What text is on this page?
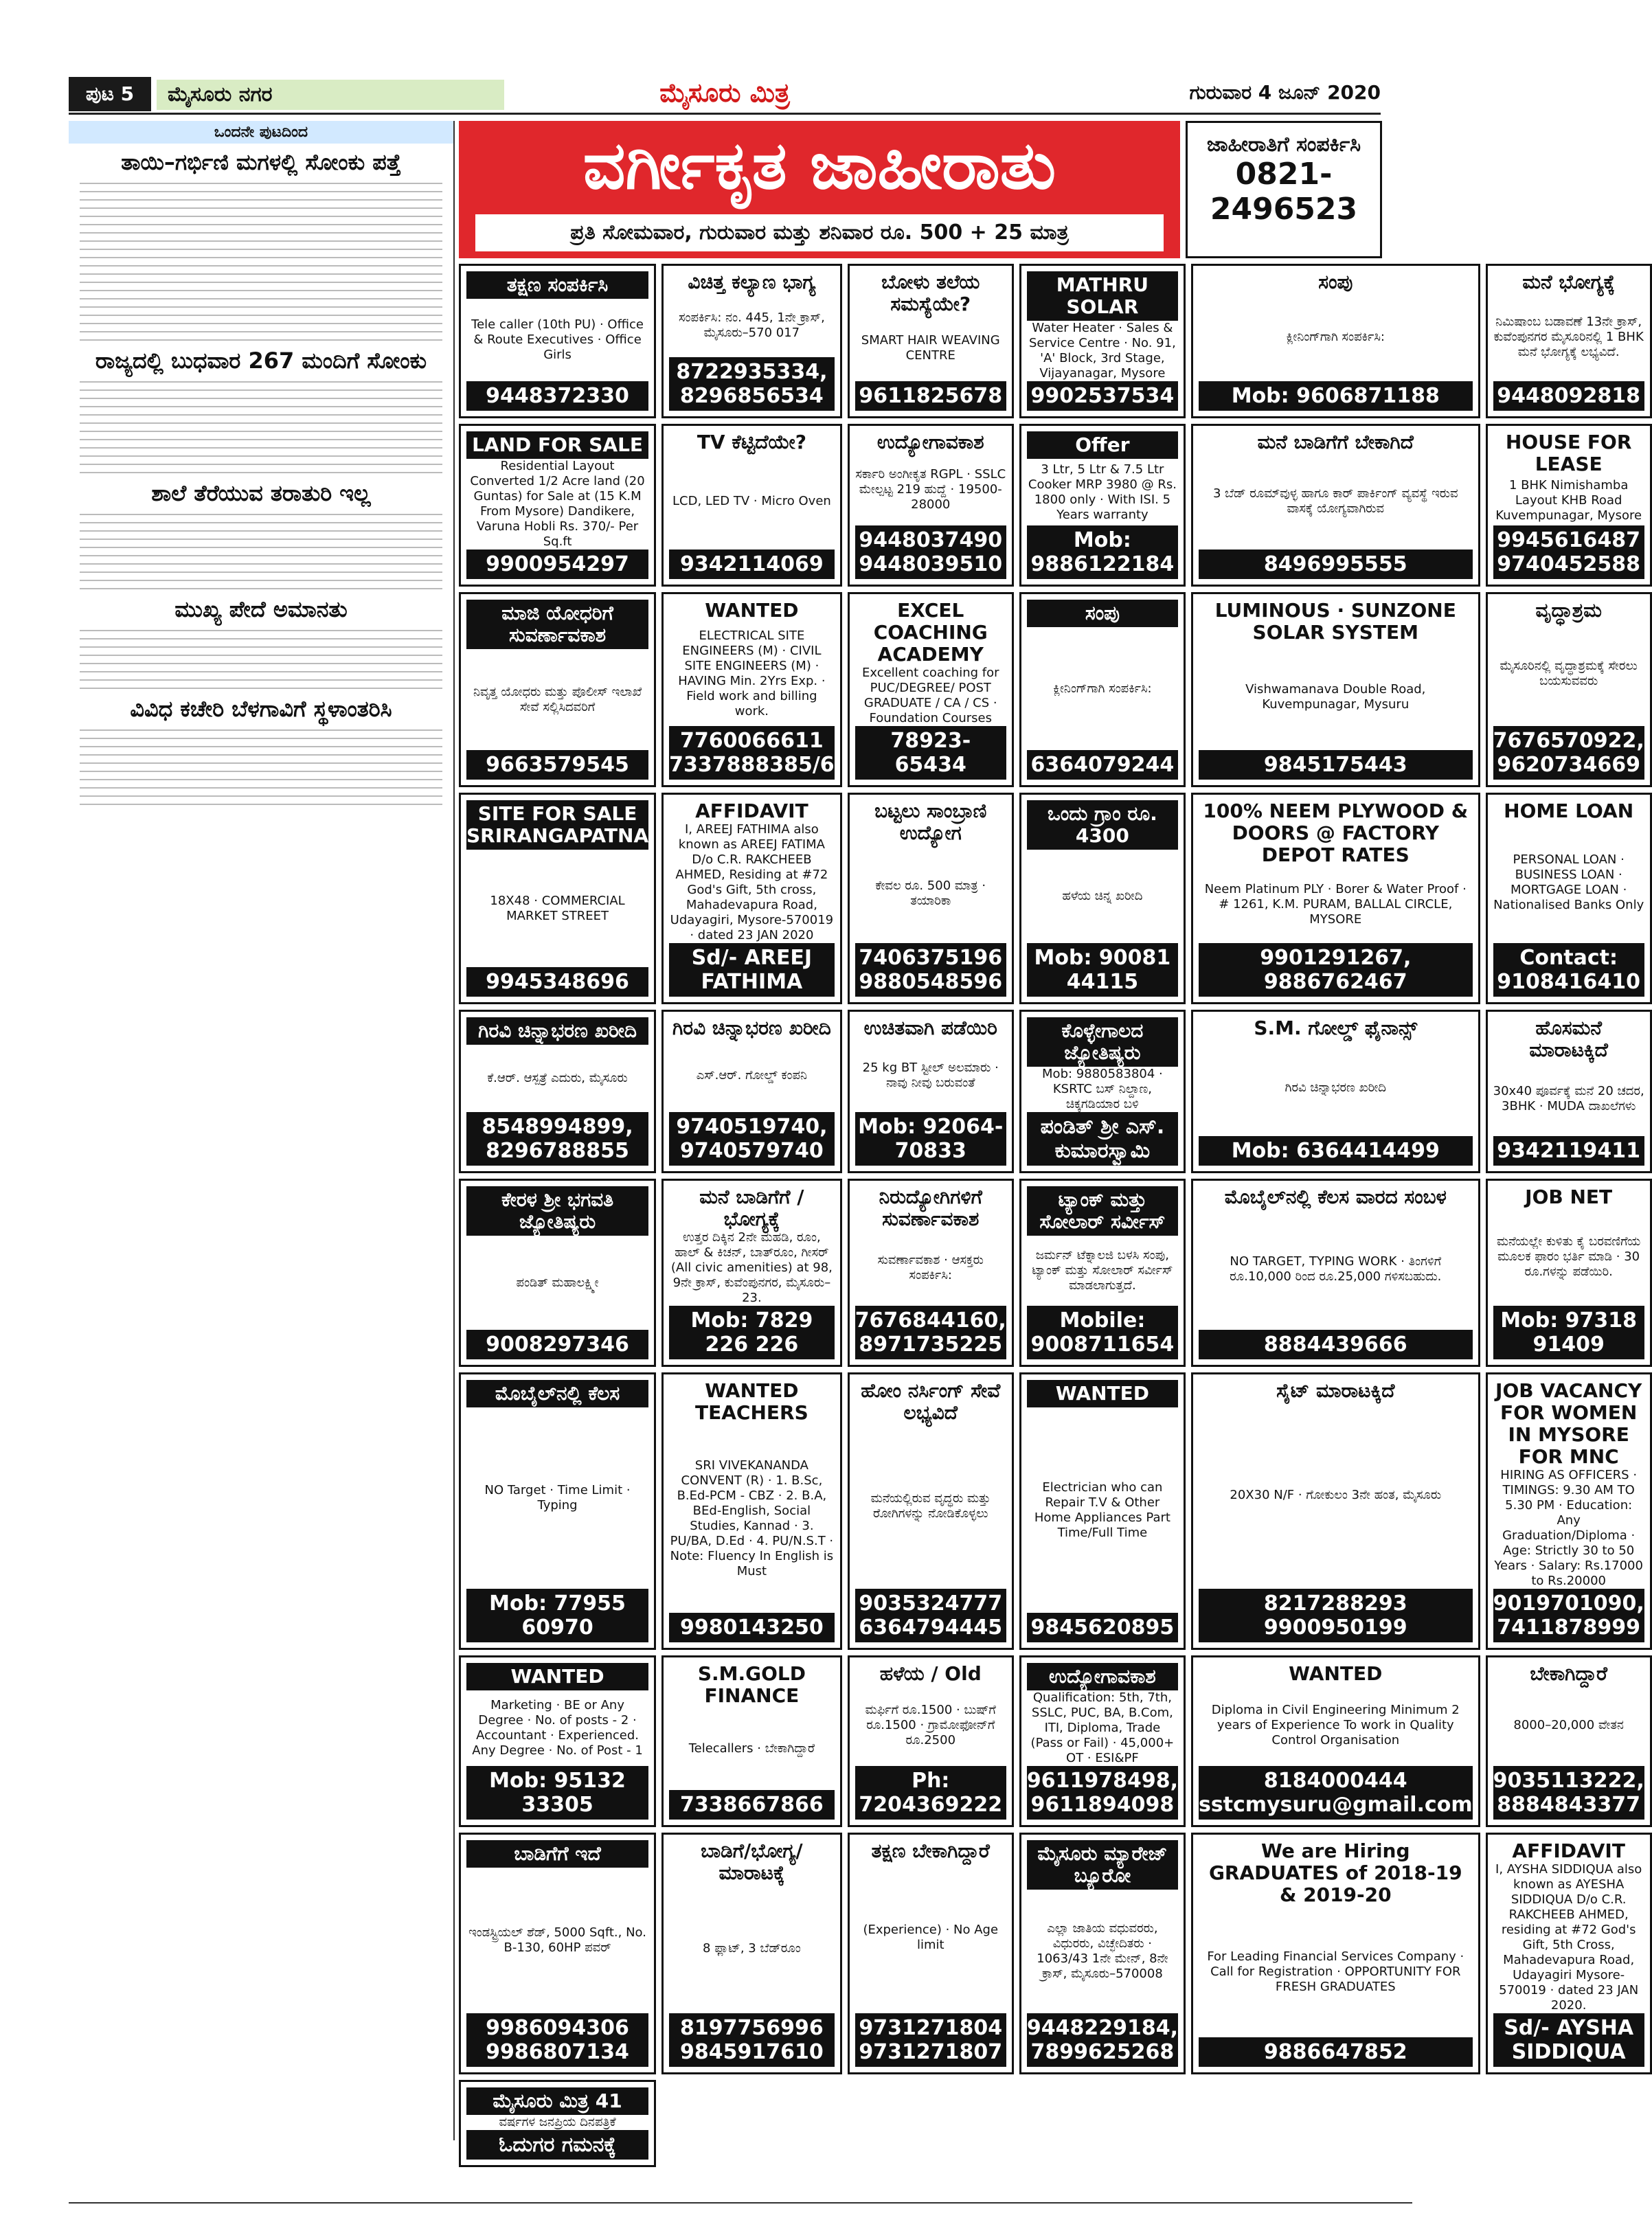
ಪುಟ 5	ಮೈಸೂರು ನಗರ	ಮೈಸೂರು ಮಿತ್ರ	ಗುರುವಾರ 4 ಜೂನ್ 2020
ಒಂದನೇ ಪುಟದಿಂದ
ತಾಯಿ–ಗರ್ಭಿಣಿ ಮಗಳಲ್ಲಿ ಸೋಂಕು ಪತ್ತೆ
ರಾಜ್ಯದಲ್ಲಿ ಬುಧವಾರ 267 ಮಂದಿಗೆ ಸೋಂಕು
ಶಾಲೆ ತೆರೆಯುವ ತರಾತುರಿ ಇಲ್ಲ
ಮುಖ್ಯ ಪೇದೆ ಅಮಾನತು
ವಿವಿಧ ಕಚೇರಿ ಬೆಳಗಾವಿಗೆ ಸ್ಥಳಾಂತರಿಸಿ
ವರ್ಗೀಕೃತ ಜಾಹೀರಾತು
ಪ್ರತಿ ಸೋಮವಾರ, ಗುರುವಾರ ಮತ್ತು ಶನಿವಾರ ರೂ. 500 + 25 ಮಾತ್ರ
ಜಾಹೀರಾತಿಗೆ ಸಂಪರ್ಕಿಸಿ
0821-2496523
ತಕ್ಷಣ ಸಂಪರ್ಕಿಸಿ
Tele caller (10th PU) · Office & Route Executives · Office Girls
9448372330
ವಿಚಿತ್ತ ಕಲ್ಯಾಣ ಭಾಗ್ಯ
ಸಂಪರ್ಕಿಸಿ: ನಂ. 445, 1ನೇ ಕ್ರಾಸ್, ಮೈಸೂರು–570 017
8722935334, 8296856534
ಬೋಳು ತಲೆಯ ಸಮಸ್ಯೆಯೇ?
SMART HAIR WEAVING CENTRE
9611825678
MATHRU SOLAR
Water Heater · Sales & Service Centre · No. 91, 'A' Block, 3rd Stage, Vijayanagar, Mysore
9902537534
ಸಂಪು
ಕ್ಲೀನಿಂಗ್‌ಗಾಗಿ ಸಂಪರ್ಕಿಸಿ:
Mob: 9606871188
ಮನೆ ಭೋಗ್ಯಕ್ಕೆ
ನಿಮಿಷಾಂಬ ಬಡಾವಣೆ 13ನೇ ಕ್ರಾಸ್, ಕುವೆಂಪುನಗರ ಮೈಸೂರಿನಲ್ಲಿ 1 BHK ಮನೆ ಭೋಗ್ಯಕ್ಕೆ ಲಭ್ಯವಿದೆ.
9448092818
LAND FOR SALE
Residential Layout Converted 1/2 Acre land (20 Guntas) for Sale at (15 K.M From Mysore) Dandikere, Varuna Hobli Rs. 370/- Per Sq.ft
9900954297
TV ಕೆಟ್ಟಿದೆಯೇ?
LCD, LED TV · Micro Oven
9342114069
ಉದ್ಯೋಗಾವಕಾಶ
ಸರ್ಕಾರಿ ಅಂಗೀಕೃತ RGPL · SSLC ಮೇಲ್ಪಟ್ಟ 219 ಹುದ್ದೆ · 19500-28000
9448037490 9448039510
Offer
3 Ltr, 5 Ltr & 7.5 Ltr Cooker MRP 3980 @ Rs. 1800 only · With ISI. 5 Years warranty
Mob: 9886122184
ಮನೆ ಬಾಡಿಗೆಗೆ ಬೇಕಾಗಿದೆ
3 ಬೆಡ್ ರೂಮ್‌ವುಳ್ಳ ಹಾಗೂ ಕಾರ್ ಪಾರ್ಕಿಂಗ್ ವ್ಯವಸ್ಥೆ ಇರುವ ವಾಸಕ್ಕೆ ಯೋಗ್ಯವಾಗಿರುವ
8496995555
HOUSE FOR LEASE
1 BHK Nimishamba Layout KHB Road Kuvempunagar, Mysore
9945616487 9740452588
ಮಾಜಿ ಯೋಧರಿಗೆ ಸುವರ್ಣಾವಕಾಶ
ನಿವೃತ್ತ ಯೋಧರು ಮತ್ತು ಪೊಲೀಸ್ ಇಲಾಖೆ ಸೇವೆ ಸಲ್ಲಿಸಿದವರಿಗೆ
9663579545
WANTED
ELECTRICAL SITE ENGINEERS (M) · CIVIL SITE ENGINEERS (M) · HAVING Min. 2Yrs Exp. · Field work and billing work.
7760066611 7337888385/6
EXCEL COACHING ACADEMY
Excellent coaching for PUC/DEGREE/ POST GRADUATE / CA / CS · Foundation Courses
78923-65434
ಸಂಪು
ಕ್ಲೀನಿಂಗ್‌ಗಾಗಿ ಸಂಪರ್ಕಿಸಿ:
6364079244
LUMINOUS · SUNZONE SOLAR SYSTEM
Vishwamanava Double Road, Kuvempunagar, Mysuru
9845175443
ವೃದ್ಧಾಶ್ರಮ
ಮೈಸೂರಿನಲ್ಲಿ ವೃದ್ಧಾಶ್ರಮಕ್ಕೆ ಸೇರಲು ಬಯಸುವವರು
7676570922, 9620734669
SITE FOR SALE SRIRANGAPATNA
18X48 · COMMERCIAL MARKET STREET
9945348696
AFFIDAVIT
I, AREEJ FATHIMA also known as AREEJ FATIMA D/o C.R. RAKCHEEB AHMED, Residing at #72 God's Gift, 5th cross, Mahadevapura Road, Udayagiri, Mysore-570019 · dated 23 JAN 2020
Sd/- AREEJ FATHIMA
ಬಟ್ಟಲು ಸಾಂಬ್ರಾಣಿ ಉದ್ಯೋಗ
ಕೇವಲ ರೂ. 500 ಮಾತ್ರ · ತಯಾರಿಕಾ
7406375196 9880548596
ಒಂದು ಗ್ರಾಂ ರೂ. 4300
ಹಳೆಯ ಚಿನ್ನ ಖರೀದಿ
Mob: 90081 44115
100% NEEM PLYWOOD & DOORS @ FACTORY DEPOT RATES
Neem Platinum PLY · Borer & Water Proof · # 1261, K.M. PURAM, BALLAL CIRCLE, MYSORE
9901291267, 9886762467
HOME LOAN
PERSONAL LOAN · BUSINESS LOAN · MORTGAGE LOAN · Nationalised Banks Only
Contact: 9108416410
ಗಿರವಿ ಚಿನ್ನಾಭರಣ ಖರೀದಿ
ಕೆ.ಆರ್. ಆಸ್ಪತ್ರೆ ಎದುರು, ಮೈಸೂರು
8548994899, 8296788855
ಗಿರವಿ ಚಿನ್ನಾಭರಣ ಖರೀದಿ
ಎಸ್.ಆರ್. ಗೋಲ್ಡ್ ಕಂಪನಿ
9740519740, 9740579740
ಉಚಿತವಾಗಿ ಪಡೆಯಿರಿ
25 kg BT ಸ್ಟೀಲ್ ಅಲಮಾರು · ನಾವು ನೀವು ಬರುವಂತೆ
Mob: 92064-70833
ಕೊಳ್ಳೇಗಾಲದ ಜ್ಯೋತಿಷ್ಯರು
Mob: 9880583804 · KSRTC ಬಸ್ ನಿಲ್ದಾಣ, ಚಿಕ್ಕಗಡಿಯಾರ ಬಳಿ
ಪಂಡಿತ್ ಶ್ರೀ ಎಸ್. ಕುಮಾರಸ್ವಾಮಿ
S.M. ಗೋಲ್ಡ್ ಫೈನಾನ್ಸ್
ಗಿರವಿ ಚಿನ್ನಾಭರಣ ಖರೀದಿ
Mob: 6364414499
ಹೊಸಮನೆ ಮಾರಾಟಕ್ಕಿದೆ
30x40 ಪೂರ್ವಕ್ಕೆ ಮನೆ 20 ಚದರ, 3BHK · MUDA ದಾಖಲೆಗಳು
9342119411
ಕೇರಳ ಶ್ರೀ ಭಗವತಿ ಜ್ಯೋತಿಷ್ಯರು
ಪಂಡಿತ್ ಮಹಾಲಕ್ಷ್ಮೀ
9008297346
ಮನೆ ಬಾಡಿಗೆಗೆ / ಭೋಗ್ಯಕ್ಕೆ
ಉತ್ತರ ದಿಕ್ಕಿನ 2ನೇ ಮಹಡಿ, ರೂಂ, ಹಾಲ್ & ಕಿಚನ್, ಬಾತ್‌ರೂಂ, ಗೀಸರ್ (All civic amenities) at 98, 9ನೇ ಕ್ರಾಸ್, ಕುವೆಂಪುನಗರ, ಮೈಸೂರು–23.
Mob: 7829 226 226
ನಿರುದ್ಯೋಗಿಗಳಿಗೆ ಸುವರ್ಣಾವಕಾಶ
ಸುವರ್ಣಾವಕಾಶ · ಆಸಕ್ತರು ಸಂಪರ್ಕಿಸಿ:
7676844160, 8971735225
ಟ್ಯಾಂಕ್ ಮತ್ತು ಸೋಲಾರ್ ಸರ್ವೀಸ್
ಜರ್ಮನ್ ಟೆಕ್ನಾಲಜಿ ಬಳಸಿ ಸಂಪು, ಟ್ಯಾಂಕ್ ಮತ್ತು ಸೋಲಾರ್ ಸರ್ವೀಸ್ ಮಾಡಲಾಗುತ್ತದೆ.
Mobile: 9008711654
ಮೊಬೈಲ್‌ನಲ್ಲಿ ಕೆಲಸ ವಾರದ ಸಂಬಳ
NO TARGET, TYPING WORK · ತಿಂಗಳಿಗೆ ರೂ.10,000 ರಿಂದ ರೂ.25,000 ಗಳಿಸಬಹುದು.
8884439666
JOB NET
ಮನೆಯಲ್ಲೇ ಕುಳಿತು ಕೈ ಬರವಣಿಗೆಯ ಮೂಲಕ ಫಾರಂ ಭರ್ತಿ ಮಾಡಿ · 30 ರೂ.ಗಳನ್ನು ಪಡೆಯಿರಿ.
Mob: 97318 91409
ಮೊಬೈಲ್‌ನಲ್ಲಿ ಕೆಲಸ
NO Target · Time Limit · Typing
Mob: 77955 60970
WANTED TEACHERS
SRI VIVEKANANDA CONVENT (R) · 1. B.Sc, B.Ed-PCM - CBZ · 2. B.A, BEd-English, Social Studies, Kannad · 3. PU/BA, D.Ed · 4. PU/N.S.T · Note: Fluency In English is Must
9980143250
ಹೋಂ ನರ್ಸಿಂಗ್ ಸೇವೆ ಲಭ್ಯವಿದೆ
ಮನೆಯಲ್ಲಿರುವ ವೃದ್ಧರು ಮತ್ತು ರೋಗಿಗಳನ್ನು ನೋಡಿಕೊಳ್ಳಲು
9035324777 6364794445
WANTED
Electrician who can Repair T.V & Other Home Appliances Part Time/Full Time
9845620895
ಸೈಟ್ ಮಾರಾಟಕ್ಕಿದೆ
20X30 N/F · ಗೋಕುಲಂ 3ನೇ ಹಂತ, ಮೈಸೂರು
8217288293 9900950199
JOB VACANCY FOR WOMEN IN MYSORE FOR MNC
HIRING AS OFFICERS · TIMINGS: 9.30 AM TO 5.30 PM · Education: Any Graduation/Diploma · Age: Strictly 30 to 50 Years · Salary: Rs.17000 to Rs.20000
9019701090, 7411878999
WANTED
Marketing · BE or Any Degree · No. of posts - 2 · Accountant · Experienced. Any Degree · No. of Post - 1
Mob: 95132 33305
S.M.GOLD FINANCE
Telecallers · ಬೇಕಾಗಿದ್ದಾರೆ
7338667866
ಹಳೆಯ / Old
ಮರ್ಫಿಗೆ ರೂ.1500 · ಬುಷ್‌ಗೆ ರೂ.1500 · ಗ್ರಾಮೋಫೋನ್‌ಗೆ ರೂ.2500
Ph: 7204369222
ಉದ್ಯೋಗಾವಕಾಶ
Qualification: 5th, 7th, SSLC, PUC, BA, B.Com, ITI, Diploma, Trade (Pass or Fail) · 45,000+ OT · ESI&PF
9611978498, 9611894098
WANTED
Diploma in Civil Engineering Minimum 2 years of Experience To work in Quality Control Organisation
8184000444 sstcmysuru@gmail.com
ಬೇಕಾಗಿದ್ದಾರೆ
8000–20,000 ವೇತನ
9035113222, 8884843377
ಬಾಡಿಗೆಗೆ ಇದೆ
ಇಂಡಸ್ಟ್ರಿಯಲ್ ಶೆಡ್, 5000 Sqft., No. B-130, 60HP ಪವರ್
9986094306 9986807134
ಬಾಡಿಗೆ/ಭೋಗ್ಯ/ಮಾರಾಟಕ್ಕೆ
8 ಫ್ಲಾಟ್, 3 ಬೆಡ್‌ರೂಂ
8197756996 9845917610
ತಕ್ಷಣ ಬೇಕಾಗಿದ್ದಾರೆ
(Experience) · No Age limit
9731271804 9731271807
ಮೈಸೂರು ಮ್ಯಾರೇಜ್ ಬ್ಯೂರೋ
ಎಲ್ಲಾ ಜಾತಿಯ ವಧುವರರು, ವಿಧುರರು, ವಿಚ್ಛೇದಿತರು · 1063/43 1ನೇ ಮೇನ್, 8ನೇ ಕ್ರಾಸ್, ಮೈಸೂರು–570008
9448229184, 7899625268
We are Hiring GRADUATES of 2018-19 & 2019-20
For Leading Financial Services Company · Call for Registration · OPPORTUNITY FOR FRESH GRADUATES
9886647852
AFFIDAVIT
I, AYSHA SIDDIQUA also known as AYESHA SIDDIQUA D/o C.R. RAKCHEEB AHMED, residing at #72 God's Gift, 5th Cross, Mahadevapura Road, Udayagiri Mysore-570019 · dated 23 JAN 2020.
Sd/- AYSHA SIDDIQUA
ಮೈಸೂರು ಮಿತ್ರ 41
ವರ್ಷಗಳ ಜನಪ್ರಿಯ ದಿನಪತ್ರಿಕೆ
ಓದುಗರ ಗಮನಕ್ಕೆ
